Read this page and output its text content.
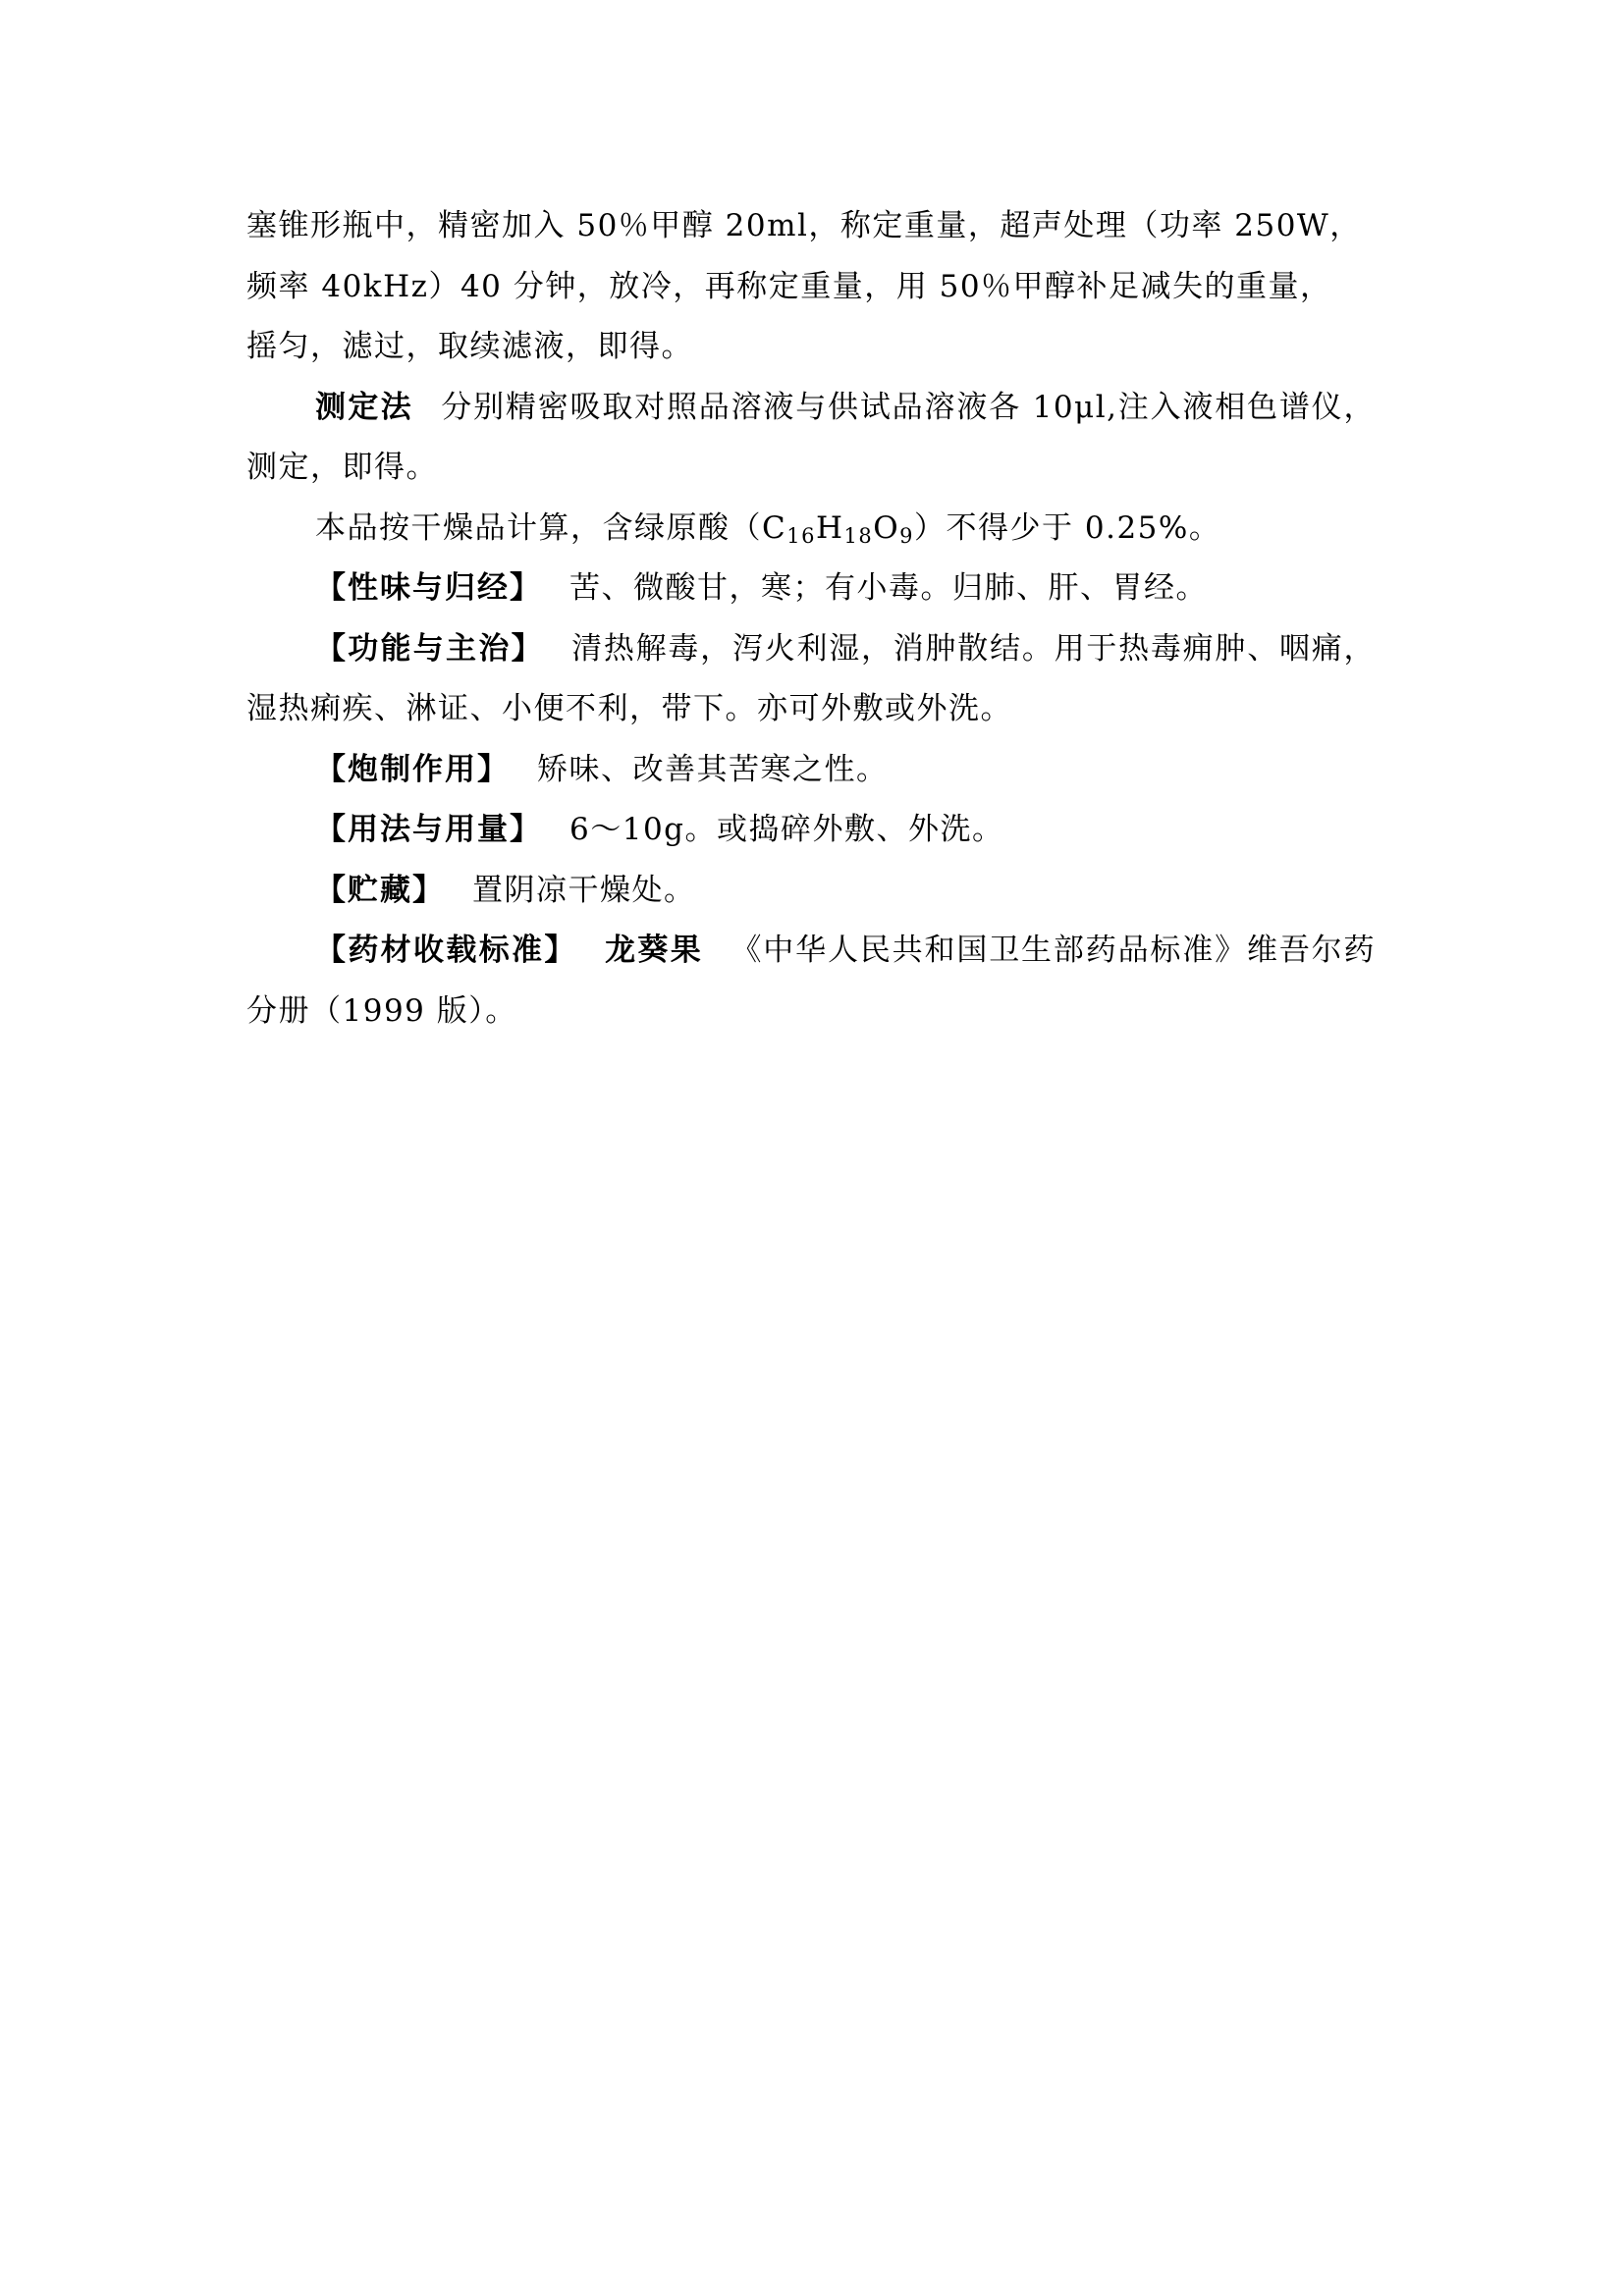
塞锥形瓶中，精密加入 50％甲醇 20ml，称定重量，超声处理（功率 250W，
频率 40kHz）40 分钟，放冷，再称定重量，用 50％甲醇补足减失的重量，
摇匀，滤过，取续滤液，即得。

测定法 分别精密吸取对照品溶液与供试品溶液各 10μl,注入液相色谱仪，测定，即得。

本品按干燥品计算，含绿原酸$(C_{16}H_{18}O_9)$不得少于 0.25%。

【性味与归经】 苦、微酸甘，寒；有小毒。归肺、肝、胃经。

【功能与主治】 清热解毒，泻火利湿，消肿散结。用于热毒痈肿、咽痛，湿热痢疾、淋证、小便不利，带下。亦可外敷或外洗。

【炮制作用】 矫味、改善其苦寒之性。

【用法与用量】 6～10g。或捣碎外敷、外洗。

【贮藏】 置阴凉干燥处。

【药材收载标准】 龙葵果 《中华人民共和国卫生部药品标准》维吾尔药分册（1999 版）。
